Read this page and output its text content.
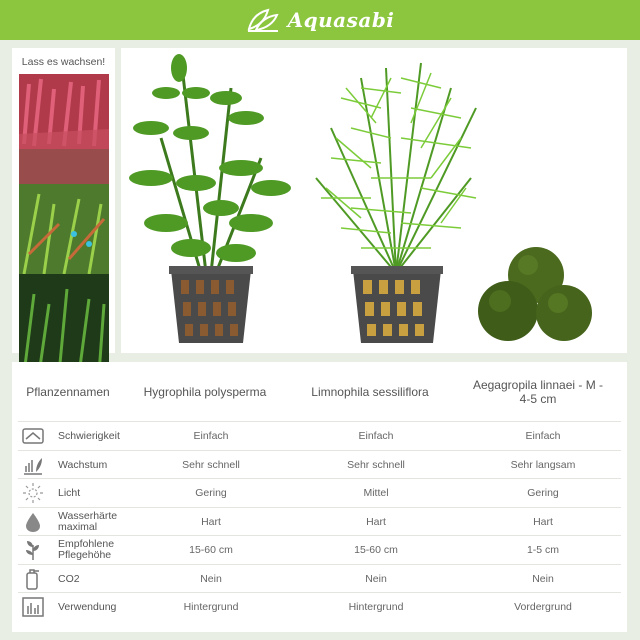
Aquasabi
Lass es wachsen!
Pflanzennamen	Hygrophila polysperma	Limnophila sessiliflora	Aegagropila linnaei - M - 4-5 cm
Schwierigkeit	Einfach	Einfach	Einfach
Wachstum	Sehr schnell	Sehr schnell	Sehr langsam
Licht	Gering	Mittel	Gering
Wasserhärte maximal	Hart	Hart	Hart
Empfohlene Pflegehöhe	15-60 cm	15-60 cm	1-5 cm
CO2	Nein	Nein	Nein
Verwendung	Hintergrund	Hintergrund	Vordergrund
